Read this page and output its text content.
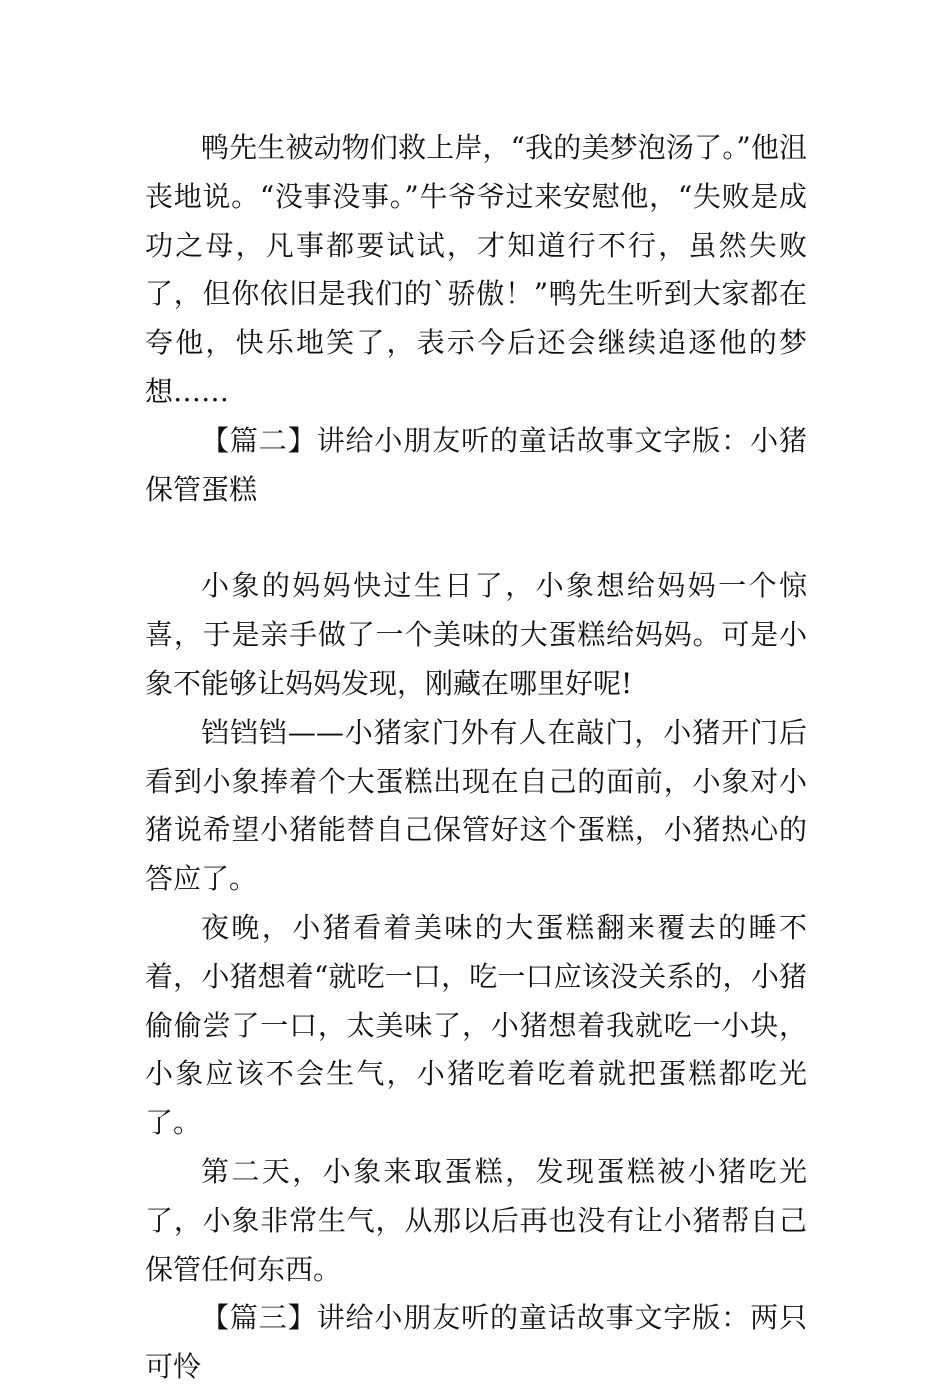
鸭先生被动物们救上岸，“我的美梦泡汤了。”他沮丧地说。“没事没事。”牛爷爷过来安慰他，“失败是成功之母，凡事都要试试，才知道行不行，虽然失败了，但你依旧是我们的`骄傲！”鸭先生听到大家都在夸他，快乐地笑了，表示今后还会继续追逐他的梦想……

【篇二】讲给小朋友听的童话故事文字版：小猪保管蛋糕

小象的妈妈快过生日了，小象想给妈妈一个惊喜，于是亲手做了一个美味的大蛋糕给妈妈。可是小象不能够让妈妈发现，刚藏在哪里好呢!

铛铛铛——小猪家门外有人在敲门，小猪开门后看到小象捧着个大蛋糕出现在自己的面前，小象对小猪说希望小猪能替自己保管好这个蛋糕，小猪热心的答应了。

夜晚，小猪看着美味的大蛋糕翻来覆去的睡不着，小猪想着“就吃一口，吃一口应该没关系的，小猪偷偷尝了一口，太美味了，小猪想着我就吃一小块，小象应该不会生气，小猪吃着吃着就把蛋糕都吃光了。

第二天，小象来取蛋糕，发现蛋糕被小猪吃光了，小象非常生气，从那以后再也没有让小猪帮自己保管任何东西。

【篇三】讲给小朋友听的童话故事文字版：两只可怜
